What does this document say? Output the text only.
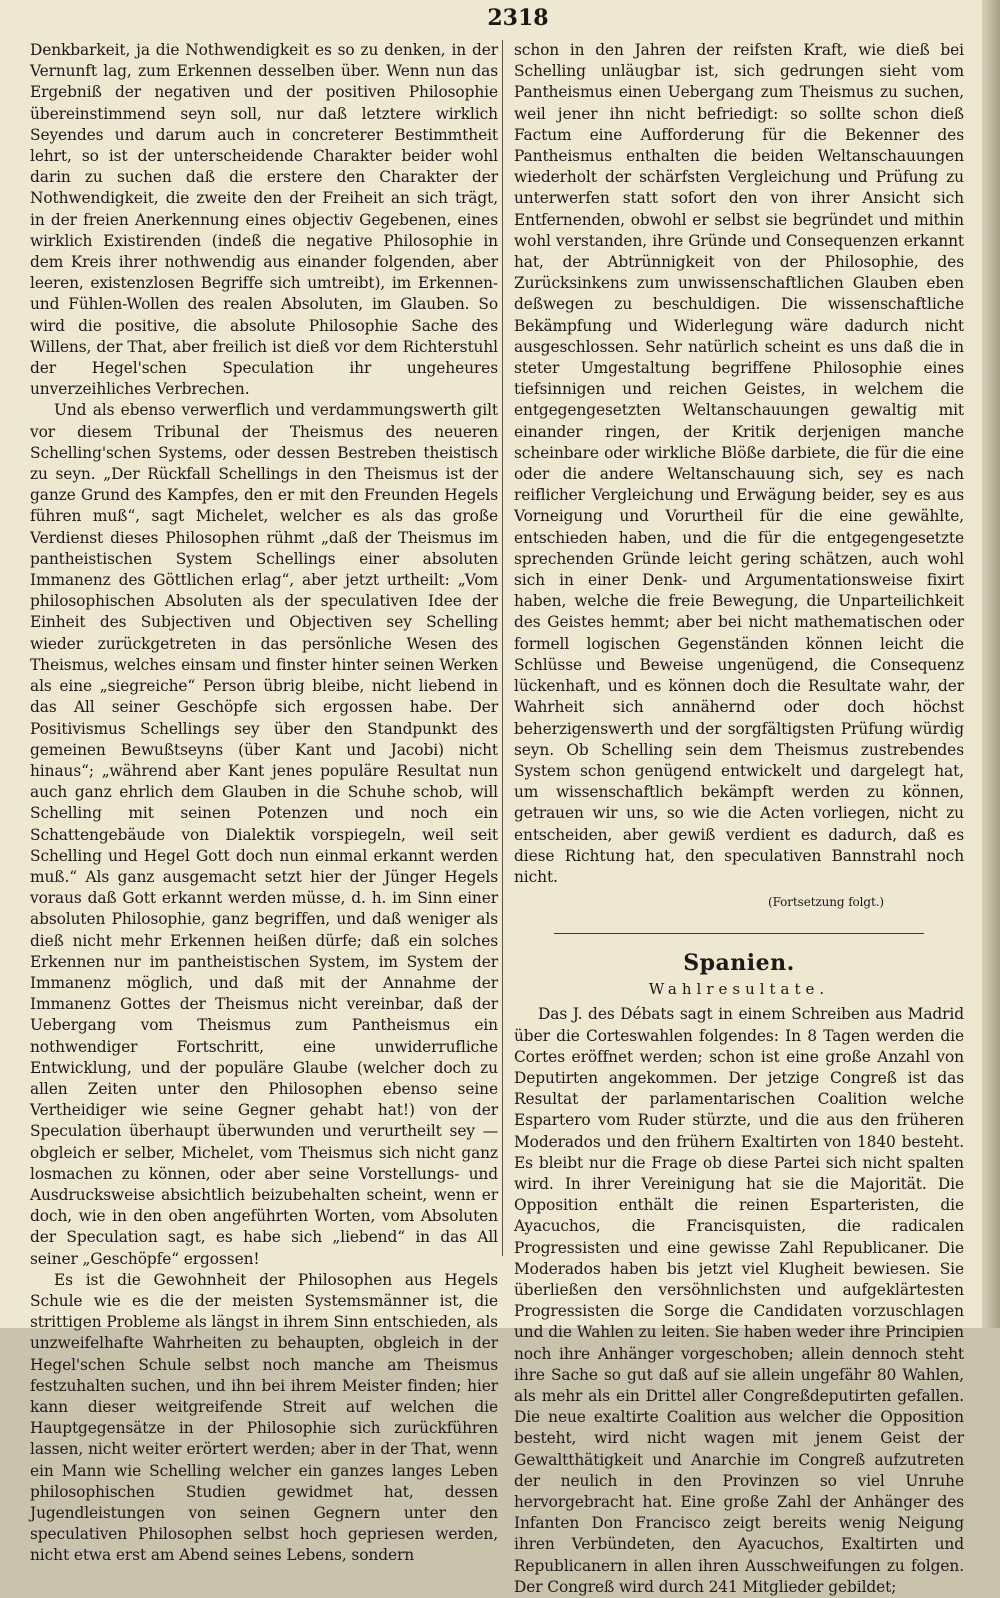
2318

Denkbarkeit, ja die Nothwendigkeit es so zu denken, in der Vernunft lag, zum Erkennen desselben über. Wenn nun das Ergebniß der negativen und der positiven Philosophie übereinstimmend seyn soll, nur daß letztere wirklich Seyendes und darum auch in concreterer Bestimmtheit lehrt, so ist der unterscheidende Charakter beider wohl darin zu suchen daß die erstere den Charakter der Nothwendigkeit, die zweite den der Freiheit an sich trägt, in der freien Anerkennung eines objectiv Gegebenen, eines wirklich Existirenden (indeß die negative Philosophie in dem Kreis ihrer nothwendig aus einander folgenden, aber leeren, existenzlosen Begriffe sich umtreibt), im Erkennen- und Fühlen-Wollen des realen Absoluten, im Glauben. So wird die positive, die absolute Philosophie Sache des Willens, der That, aber freilich ist dieß vor dem Richterstuhl der Hegel'schen Speculation ihr ungeheures unverzeihliches Verbrechen.

Und als ebenso verwerflich und verdammungswerth gilt vor diesem Tribunal der Theismus des neueren Schelling'schen Systems, oder dessen Bestreben theistisch zu seyn. „Der Rückfall Schellings in den Theismus ist der ganze Grund des Kampfes, den er mit den Freunden Hegels führen muß“, sagt Michelet, welcher es als das große Verdienst dieses Philosophen rühmt „daß der Theismus im pantheistischen System Schellings einer absoluten Immanenz des Göttlichen erlag“, aber jetzt urtheilt: „Vom philosophischen Absoluten als der speculativen Idee der Einheit des Subjectiven und Objectiven sey Schelling wieder zurückgetreten in das persönliche Wesen des Theismus, welches einsam und finster hinter seinen Werken als eine „siegreiche“ Person übrig bleibe, nicht liebend in das All seiner Geschöpfe sich ergossen habe. Der Positivismus Schellings sey über den Standpunkt des gemeinen Bewußtseyns (über Kant und Jacobi) nicht hinaus“; „während aber Kant jenes populäre Resultat nun auch ganz ehrlich dem Glauben in die Schuhe schob, will Schelling mit seinen Potenzen und noch ein Schattengebäude von Dialektik vorspiegeln, weil seit Schelling und Hegel Gott doch nun einmal erkannt werden muß.“ Als ganz ausgemacht setzt hier der Jünger Hegels voraus daß Gott erkannt werden müsse, d. h. im Sinn einer absoluten Philosophie, ganz begriffen, und daß weniger als dieß nicht mehr Erkennen heißen dürfe; daß ein solches Erkennen nur im pantheistischen System, im System der Immanenz möglich, und daß mit der Annahme der Immanenz Gottes der Theismus nicht vereinbar, daß der Uebergang vom Theismus zum Pantheismus ein nothwendiger Fortschritt, eine unwiderrufliche Entwicklung, und der populäre Glaube (welcher doch zu allen Zeiten unter den Philosophen ebenso seine Vertheidiger wie seine Gegner gehabt hat!) von der Speculation überhaupt überwunden und verurtheilt sey — obgleich er selber, Michelet, vom Theismus sich nicht ganz losmachen zu können, oder aber seine Vorstellungs- und Ausdrucksweise absichtlich beizubehalten scheint, wenn er doch, wie in den oben angeführten Worten, vom Absoluten der Speculation sagt, es habe sich „liebend“ in das All seiner „Geschöpfe“ ergossen!

Es ist die Gewohnheit der Philosophen aus Hegels Schule wie es die der meisten Systemsmänner ist, die strittigen Probleme als längst in ihrem Sinn entschieden, als unzweifelhafte Wahrheiten zu behaupten, obgleich in der Hegel'schen Schule selbst noch manche am Theismus festzuhalten suchen, und ihn bei ihrem Meister finden; hier kann dieser weitgreifende Streit auf welchen die Hauptgegensätze in der Philosophie sich zurückführen lassen, nicht weiter erörtert werden; aber in der That, wenn ein Mann wie Schelling welcher ein ganzes langes Leben philosophischen Studien gewidmet hat, dessen Jugendleistungen von seinen Gegnern unter den speculativen Philosophen selbst hoch gepriesen werden, nicht etwa erst am Abend seines Lebens, sondern

schon in den Jahren der reifsten Kraft, wie dieß bei Schelling unläugbar ist, sich gedrungen sieht vom Pantheismus einen Uebergang zum Theismus zu suchen, weil jener ihn nicht befriedigt: so sollte schon dieß Factum eine Aufforderung für die Bekenner des Pantheismus enthalten die beiden Weltanschauungen wiederholt der schärfsten Vergleichung und Prüfung zu unterwerfen statt sofort den von ihrer Ansicht sich Entfernenden, obwohl er selbst sie begründet und mithin wohl verstanden, ihre Gründe und Consequenzen erkannt hat, der Abtrünnigkeit von der Philosophie, des Zurücksinkens zum unwissenschaftlichen Glauben eben deßwegen zu beschuldigen. Die wissenschaftliche Bekämpfung und Widerlegung wäre dadurch nicht ausgeschlossen. Sehr natürlich scheint es uns daß die in steter Umgestaltung begriffene Philosophie eines tiefsinnigen und reichen Geistes, in welchem die entgegengesetzten Weltanschauungen gewaltig mit einander ringen, der Kritik derjenigen manche scheinbare oder wirkliche Blöße darbiete, die für die eine oder die andere Weltanschauung sich, sey es nach reiflicher Vergleichung und Erwägung beider, sey es aus Vorneigung und Vorurtheil für die eine gewählte, entschieden haben, und die für die entgegengesetzte sprechenden Gründe leicht gering schätzen, auch wohl sich in einer Denk- und Argumentationsweise fixirt haben, welche die freie Bewegung, die Unparteilichkeit des Geistes hemmt; aber bei nicht mathematischen oder formell logischen Gegenständen können leicht die Schlüsse und Beweise ungenügend, die Consequenz lückenhaft, und es können doch die Resultate wahr, der Wahrheit sich annähernd oder doch höchst beherzigenswerth und der sorgfältigsten Prüfung würdig seyn. Ob Schelling sein dem Theismus zustrebendes System schon genügend entwickelt und dargelegt hat, um wissenschaftlich bekämpft werden zu können, getrauen wir uns, so wie die Acten vorliegen, nicht zu entscheiden, aber gewiß verdient es dadurch, daß es diese Richtung hat, den speculativen Bannstrahl noch nicht.

(Fortsetzung folgt.)
Spanien.
Wahlresultate.

Das J. des Débats sagt in einem Schreiben aus Madrid über die Corteswahlen folgendes: In 8 Tagen werden die Cortes eröffnet werden; schon ist eine große Anzahl von Deputirten angekommen. Der jetzige Congreß ist das Resultat der parlamentarischen Coalition welche Espartero vom Ruder stürzte, und die aus den früheren Moderados und den frühern Exaltirten von 1840 besteht. Es bleibt nur die Frage ob diese Partei sich nicht spalten wird. In ihrer Vereinigung hat sie die Majorität. Die Opposition enthält die reinen Esparteristen, die Ayacuchos, die Francisquisten, die radicalen Progressisten und eine gewisse Zahl Republicaner. Die Moderados haben bis jetzt viel Klugheit bewiesen. Sie überließen den versöhnlichsten und aufgeklärtesten Progressisten die Sorge die Candidaten vorzuschlagen und die Wahlen zu leiten. Sie haben weder ihre Principien noch ihre Anhänger vorgeschoben; allein dennoch steht ihre Sache so gut daß auf sie allein ungefähr 80 Wahlen, als mehr als ein Drittel aller Congreßdeputirten gefallen. Die neue exaltirte Coalition aus welcher die Opposition besteht, wird nicht wagen mit jenem Geist der Gewaltthätigkeit und Anarchie im Congreß aufzutreten der neulich in den Provinzen so viel Unruhe hervorgebracht hat. Eine große Zahl der Anhänger des Infanten Don Francisco zeigt bereits wenig Neigung ihren Verbündeten, den Ayacuchos, Exaltirten und Republicanern in allen ihren Ausschweifungen zu folgen. Der Congreß wird durch 241 Mitglieder gebildet;
